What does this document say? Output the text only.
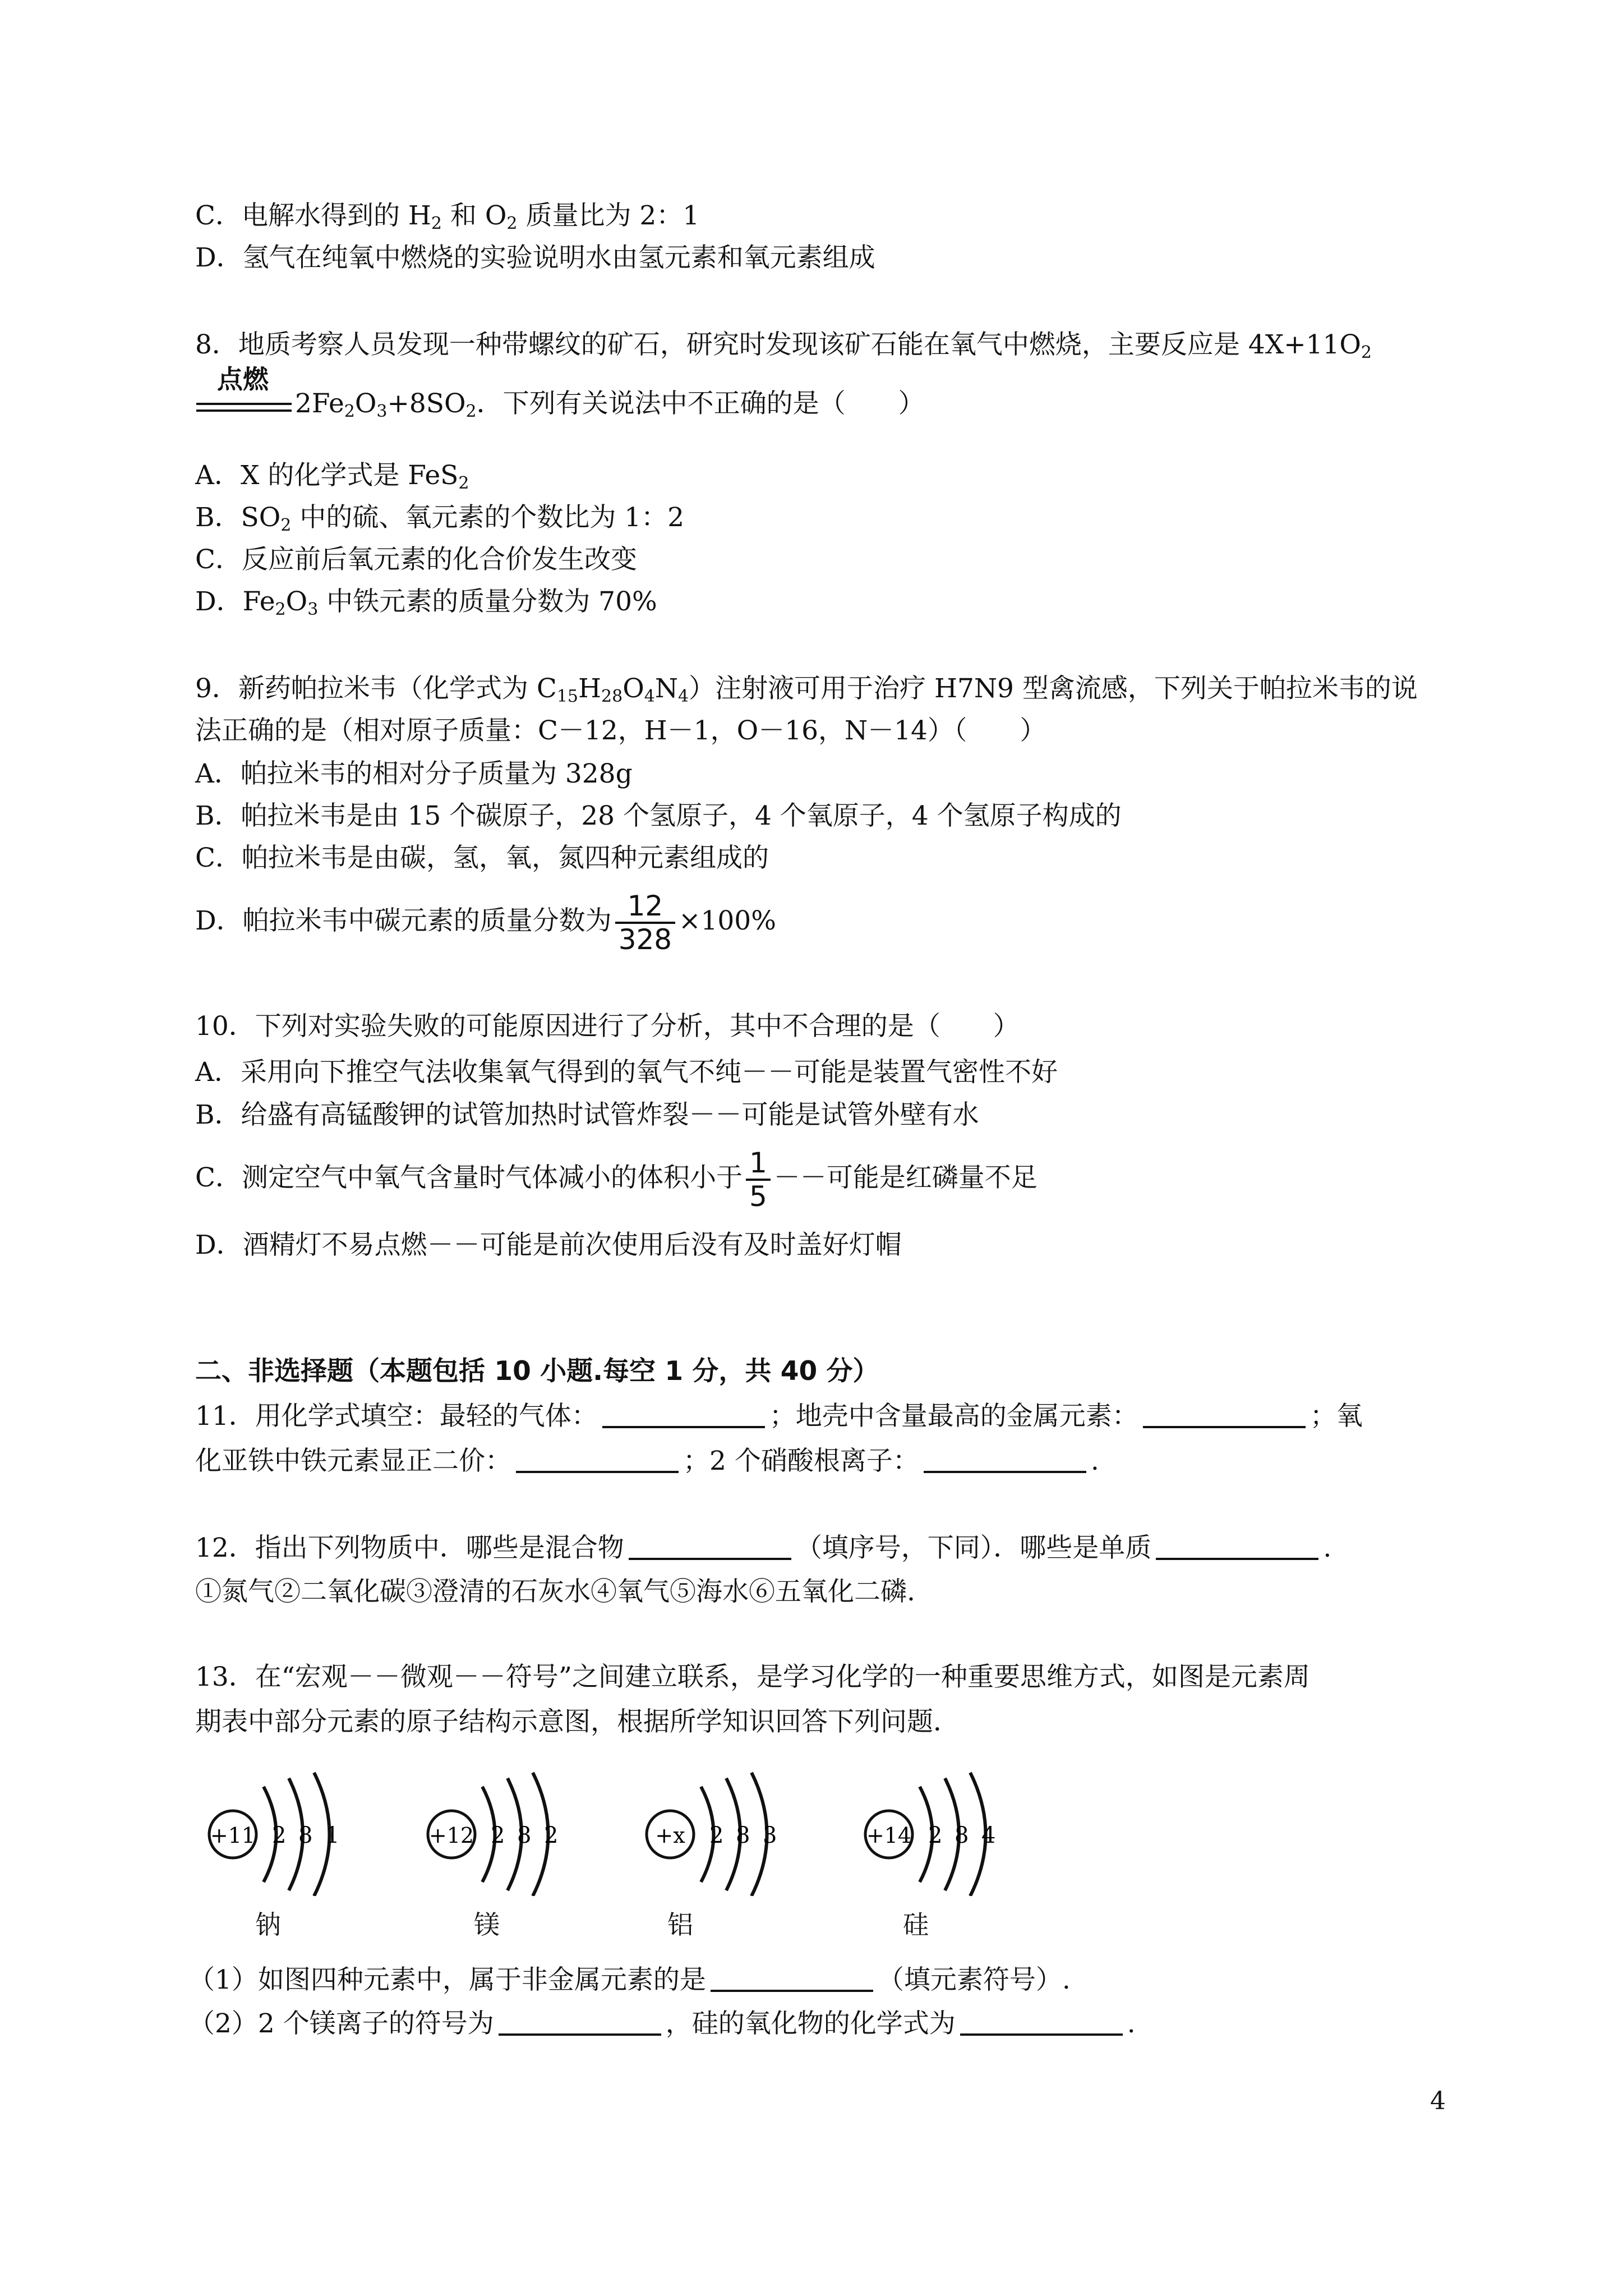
C．电解水得到的 $H_2$ 和 $O_2$ 质量比为 2：1
D．氢气在纯氧中燃烧的实验说明水由氢元素和氧元素组成
8．地质考察人员发现一种带螺纹的矿石，研究时发现该矿石能在氧气中燃烧，主要反应是 $4X+11O_2$
点燃
$2Fe_2O_3+8SO_2$．下列有关说法中不正确的是（　　）
A．X 的化学式是 FeS$_2$
B．$SO_2$ 中的硫、氧元素的个数比为 1：2
C．反应前后氧元素的化合价发生改变
D．$Fe_2O_3$ 中铁元素的质量分数为 70%
9．新药帕拉米韦（化学式为 $C_{15}H_{28}O_4N_4$）注射液可用于治疗 H7N9 型禽流感，下列关于帕拉米韦的说
法正确的是（相对原子质量：C－12，H－1，O－16，N－14）（　　）
A．帕拉米韦的相对分子质量为 328g
B．帕拉米韦是由 15 个碳原子，28 个氢原子，4 个氧原子，4 个氢原子构成的
C．帕拉米韦是由碳，氢，氧，氮四种元素组成的
D．帕拉米韦中碳元素的质量分数为 $\frac{12}{328} \times 100\%$
10．下列对实验失败的可能原因进行了分析，其中不合理的是（　　）
A．采用向下推空气法收集氧气得到的氧气不纯－－可能是装置气密性不好
B．给盛有高锰酸钾的试管加热时试管炸裂－－可能是试管外壁有水
C．测定空气中氧气含量时气体减小的体积小于 $\frac{1}{5}$ －－可能是红磷量不足
D．酒精灯不易点燃－－可能是前次使用后没有及时盖好灯帽
二、非选择题（本题包括 10 小题.每空 1 分，共 40 分）
11．用化学式填空：最轻的气体：	；地壳中含量最高的金属元素：	；氧
化亚铁中铁元素显正二价：	；2 个硝酸根离子：	.
12．指出下列物质中．哪些是混合物	（填序号，下同）．哪些是单质	.
①氮气②二氧化碳③澄清的石灰水④氧气⑤海水⑥五氧化二磷.
13．在“宏观－－微观－－符号”之间建立联系，是学习化学的一种重要思维方式，如图是元素周
期表中部分元素的原子结构示意图，根据所学知识回答下列问题．
+11 2 8 1	+12 2 8 2	+x 2 8 3	+14 2 8 4
钠	镁	铝	硅
（1）如图四种元素中，属于非金属元素的是	（填元素符号）.
（2）2 个镁离子的符号为	，硅的氧化物的化学式为	.
4
